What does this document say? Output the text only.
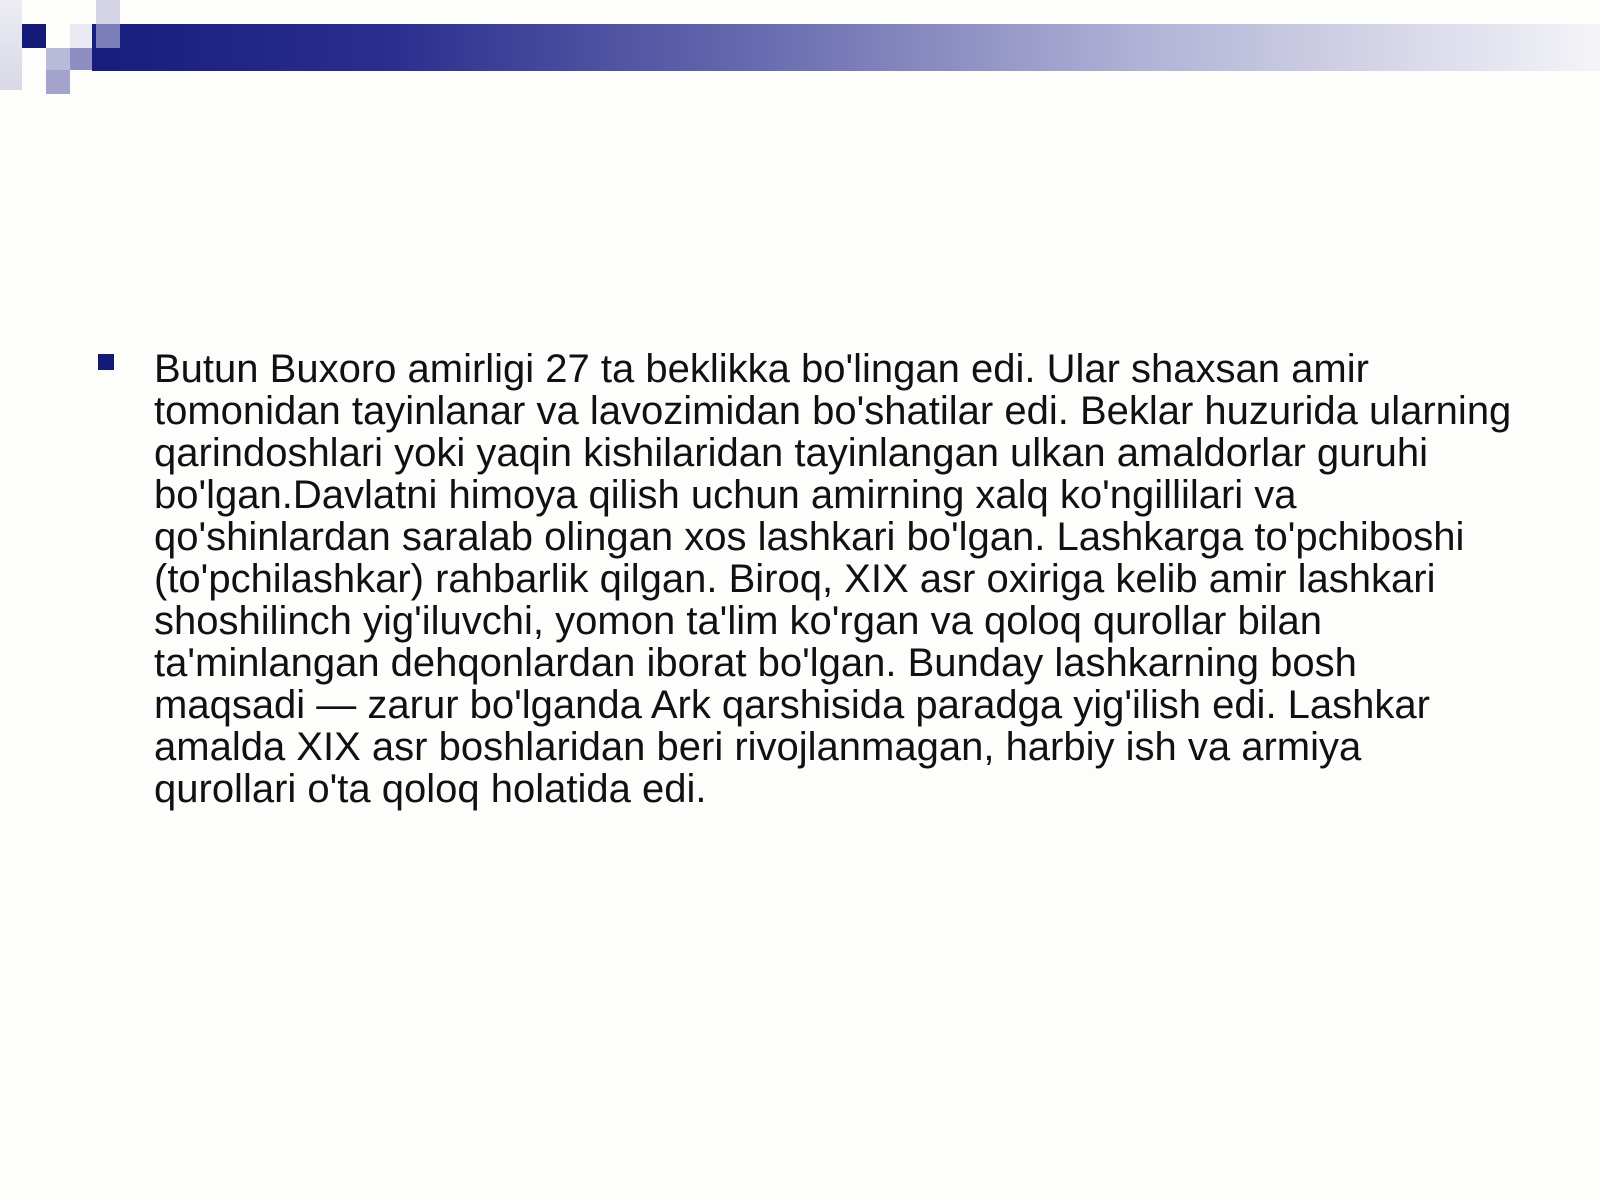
Butun Buxoro amirligi 27 ta beklikka bo'lingan edi. Ular shaxsan amir tomonidan tayinlanar va lavozimidan bo'shatilar edi. Beklar huzurida ularning qarindoshlari yoki yaqin kishilaridan tayinlangan ulkan amaldorlar guruhi bo'lgan.Davlatni himoya qilish uchun amirning xalq ko'ngillilari va qo'shinlardan saralab olingan xos lashkari bo'lgan. Lashkarga to'pchiboshi (to'pchilashkar) rahbarlik qilgan. Biroq, XIX asr oxiriga kelib amir lashkari shoshilinch yig'iluvchi, yomon ta'lim ko'rgan va qoloq qurollar bilan ta'minlangan dehqonlardan iborat bo'lgan. Bunday lashkarning bosh maqsadi — zarur bo'lganda Ark qarshisida paradga yig'ilish edi. Lashkar amalda XIX asr boshlaridan beri rivojlanmagan, harbiy ish va armiya qurollari o'ta qoloq holatida edi.
